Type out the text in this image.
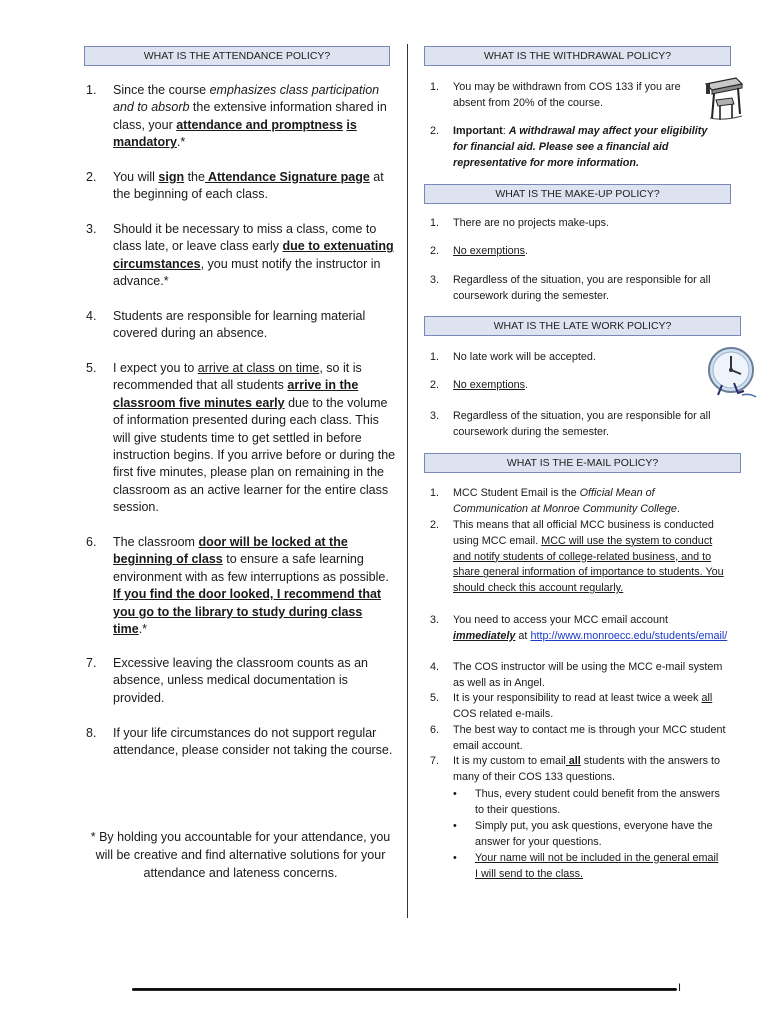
WHAT IS THE ATTENDANCE POLICY?
1.	Since the course emphasizes class participation and to absorb the extensive information shared in class, your attendance and promptness is mandatory.*
2.	You will sign the Attendance Signature page at the beginning of each class.
3.	Should it be necessary to miss a class, come to class late, or leave class early due to extenuating circumstances, you must notify the instructor in advance.*
4.	Students are responsible for learning material covered during an absence.
5.	I expect you to arrive at class on time, so it is recommended that all students arrive in the classroom five minutes early due to the volume of information presented during each class. This will give students time to get settled in before instruction begins. If you arrive before or during the first five minutes, please plan on remaining in the classroom as an active learner for the entire class session.
6.	The classroom door will be locked at the beginning of class to ensure a safe learning environment with as few interruptions as possible. If you find the door looked, I recommend that you go to the library to study during class time.*
7.	Excessive leaving the classroom counts as an absence, unless medical documentation is provided.
8.	If your life circumstances do not support regular attendance, please consider not taking the course.
* By holding you accountable for your attendance, you will be creative and find alternative solutions for your attendance and lateness concerns.
WHAT IS THE WITHDRAWAL POLICY?
1. You may be withdrawn from COS 133 if you are absent from 20% of the course.
2. Important: A withdrawal may affect your eligibility for financial aid. Please see a financial aid representative for more information.
WHAT IS THE MAKE-UP POLICY?
1. There are no projects make-ups.
2. No exemptions.
3. Regardless of the situation, you are responsible for all coursework during the semester.
WHAT IS THE LATE WORK POLICY?
1. No late work will be accepted.
2. No exemptions.
3. Regardless of the situation, you are responsible for all coursework during the semester.
WHAT IS THE E-MAIL POLICY?
1. MCC Student Email is the Official Mean of Communication at Monroe Community College.
2. This means that all official MCC business is conducted using MCC email. MCC will use the system to conduct and notify students of college-related business, and to share general information of importance to students. You should check this account regularly.
3. You need to access your MCC email account immediately at http://www.monroecc.edu/students/email/
4. The COS instructor will be using the MCC e-mail system as well as in Angel.
5. It is your responsibility to read at least twice a week all COS related e-mails.
6. The best way to contact me is through your MCC student email account.
7. It is my custom to email all students with the answers to many of their COS 133 questions.
• Thus, every student could benefit from the answers to their questions.
• Simply put, you ask questions, everyone have the answer for your questions.
• Your name will not be included in the general email I will send to the class.
I
